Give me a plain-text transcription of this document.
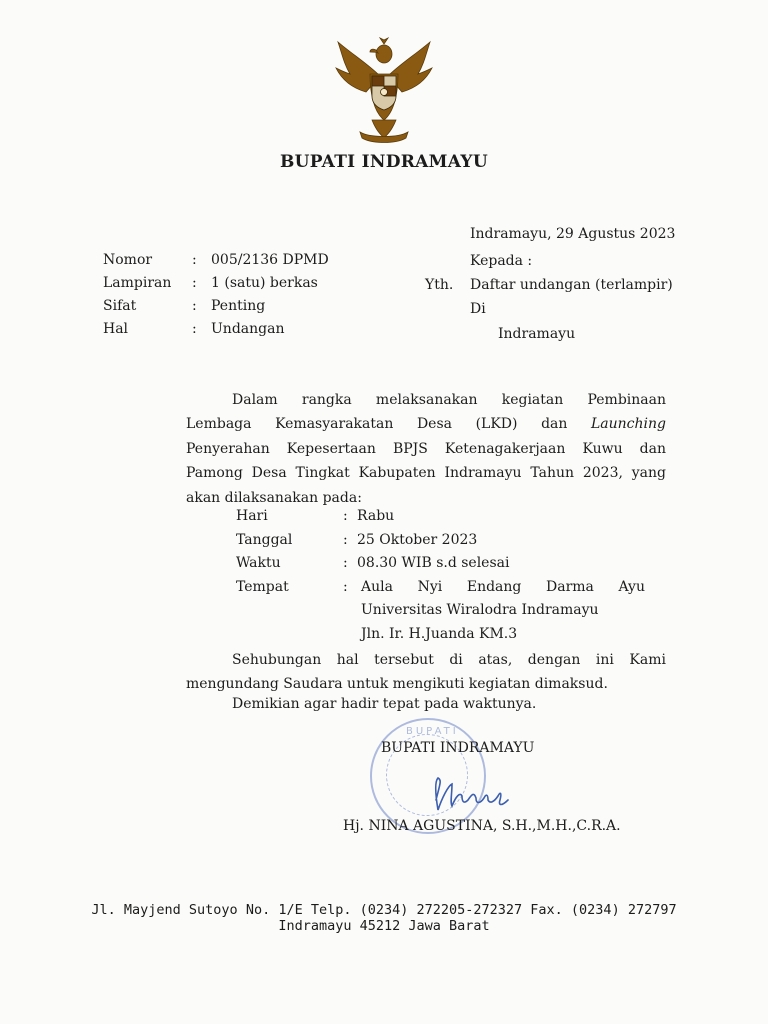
BUPATI INDRAMAYU
Indramayu, 29 Agustus 2023
Nomor	: 005/2136 DPMD
Lampiran : 1 (satu) berkas
Sifat	: Penting
Hal	: Undangan
Kepada :
Yth. Daftar undangan (terlampir)
Di
Indramayu
Dalam rangka melaksanakan kegiatan Pembinaan
Lembaga Kemasyarakatan Desa (LKD) dan Launching
Penyerahan Kepesertaan BPJS Ketenagakerjaan Kuwu dan
Pamong Desa Tingkat Kabupaten Indramayu Tahun 2023, yang
akan dilaksanakan pada:
Hari	: Rabu
Tanggal	: 25 Oktober 2023
Waktu	: 08.30 WIB s.d selesai
Tempat	: Aula Nyi Endang Darma Ayu
Universitas Wiralodra Indramayu
Jln. Ir. H.Juanda KM.3
Sehubungan hal tersebut di atas, dengan ini Kami
mengundang Saudara untuk mengikuti kegiatan dimaksud.
Demikian agar hadir tepat pada waktunya.
BUPATI
BUPATI INDRAMAYU
Hj. NINA AGUSTINA, S.H.,M.H.,C.R.A.
Jl. Mayjend Sutoyo No. 1/E Telp. (0234) 272205-272327 Fax. (0234) 272797
Indramayu 45212 Jawa Barat
